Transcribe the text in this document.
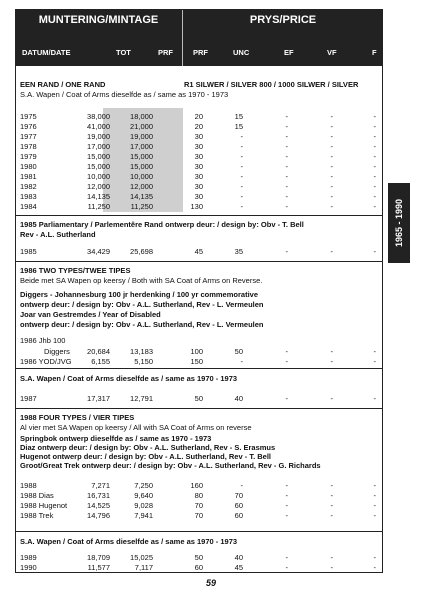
MUNTERING/MINTAGE	PRYS/PRICE
DATUM/DATE	TOT	PRF	PRF	UNC	EF	VF	F
EEN RAND / ONE RAND	R1 SILWER / SILVER 800 / 1000 SILWER / SILVER
S.A. Wapen / Coat of Arms dieselfde as / same as 1970 - 1973
1975	38,000	18,000	20	15	-	-	-
1976	41,000	21,000	20	15	-	-	-
1977	19,000	19,000	30	-	-	-	-
1978	17,000	17,000	30	-	-	-	-
1979	15,000	15,000	30	-	-	-	-
1980	15,000	15,000	30	-	-	-	-
1981	10,000	10,000	30	-	-	-	-
1982	12,000	12,000	30	-	-	-	-
1983	14,135	14,135	30	-	-	-	-
1984	11,250	11,250	130	-	-	-	-
1985 Parliamentary / Parlementêre Rand ontwerp deur: / design by: Obv - T. Bell
Rev - A.L. Sutherland
1985	34,429	25,698	45	35	-	-	-
1986 TWO TYPES/TWEE TIPES
Beide met SA Wapen op keersy / Both with SA Coat of Arms on Reverse.
Diggers - Johannesburg 100 jr herdenking / 100 yr commemorative
ontwerp deur: / design by: Obv - A.L. Sutherland, Rev - L. Vermeulen
Joar van Gestremdes / Year of Disabled
ontwerp deur: / design by: Obv - A.L. Sutherland, Rev - L. Vermeulen
1986 Jhb 100
Diggers 20,684	13,183	100	50	-	-	-
1986 YOD/JVG	6,155	5,150	150	-	-	-	-
S.A. Wapen / Coat of Arms dieselfde as / same as 1970 - 1973
1987	17,317	12,791	50	40	-	-	-
1988 FOUR TYPES / VIER TIPES
Al vier met SA Wapen op keersy / All with SA Coat of Arms on reverse
Springbok ontwerp dieselfde as / same as 1970 - 1973
Diaz ontwerp deur: / design by: Obv - A.L. Sutherland, Rev - S. Erasmus
Hugenot ontwerp deur: / design by: Obv - A.L. Sutherland, Rev - T. Bell
Groot/Great Trek ontwerp deur: / design by: Obv - A.L. Sutherland, Rev - G. Richards
1988	7,271	7,250	160	-	-	-	-
1988 Dias	16,731	9,640	80	70	-	-	-
1988 Hugenot	14,525	9,028	70	60	-	-	-
1988 Trek	14,796	7,941	70	60	-	-	-
S.A. Wapen / Coat of Arms dieselfde as / same as 1970 - 1973
1989	18,709	15,025	50	40	-	-	-
1990	11,577	7,117	60	45	-	-	-
1965 - 1990
59
